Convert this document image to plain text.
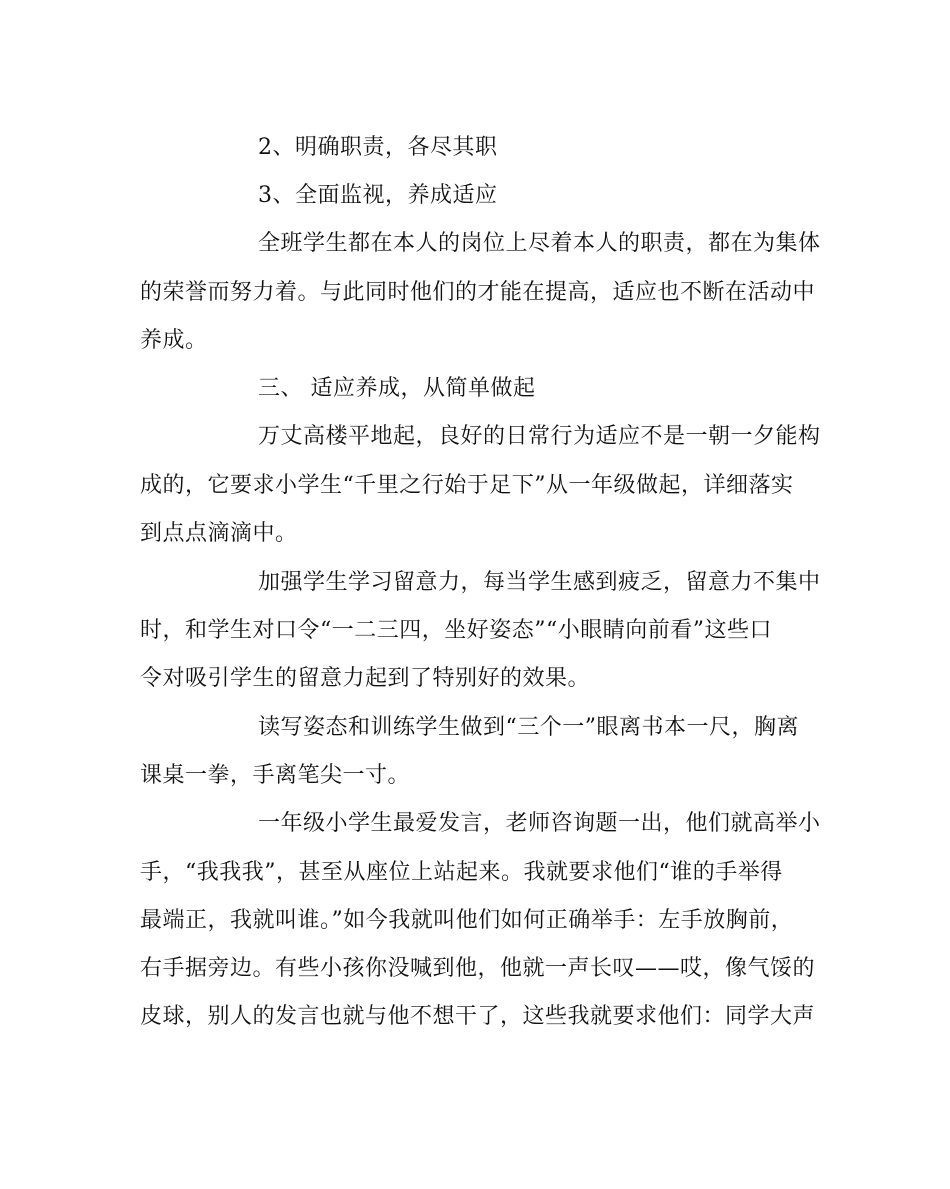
2、明确职责，各尽其职
3、全面监视，养成适应
全班学生都在本人的岗位上尽着本人的职责，都在为集体
的荣誉而努力着。与此同时他们的才能在提高，适应也不断在活动中
养成。
三、 适应养成，从简单做起
万丈高楼平地起，良好的日常行为适应不是一朝一夕能构
成的，它要求小学生“千里之行始于足下”从一年级做起，详细落实
到点点滴滴中。
加强学生学习留意力，每当学生感到疲乏，留意力不集中
时，和学生对口令“一二三四，坐好姿态”“小眼睛向前看”这些口
令对吸引学生的留意力起到了特别好的效果。
读写姿态和训练学生做到“三个一”眼离书本一尺，胸离
课桌一拳，手离笔尖一寸。
一年级小学生最爱发言，老师咨询题一出，他们就高举小
手，“我我我”，甚至从座位上站起来。我就要求他们“谁的手举得
最端正，我就叫谁。”如今我就叫他们如何正确举手：左手放胸前，
右手据旁边。有些小孩你没喊到他，他就一声长叹——哎，像气馁的
皮球，别人的发言也就与他不想干了，这些我就要求他们：同学大声
